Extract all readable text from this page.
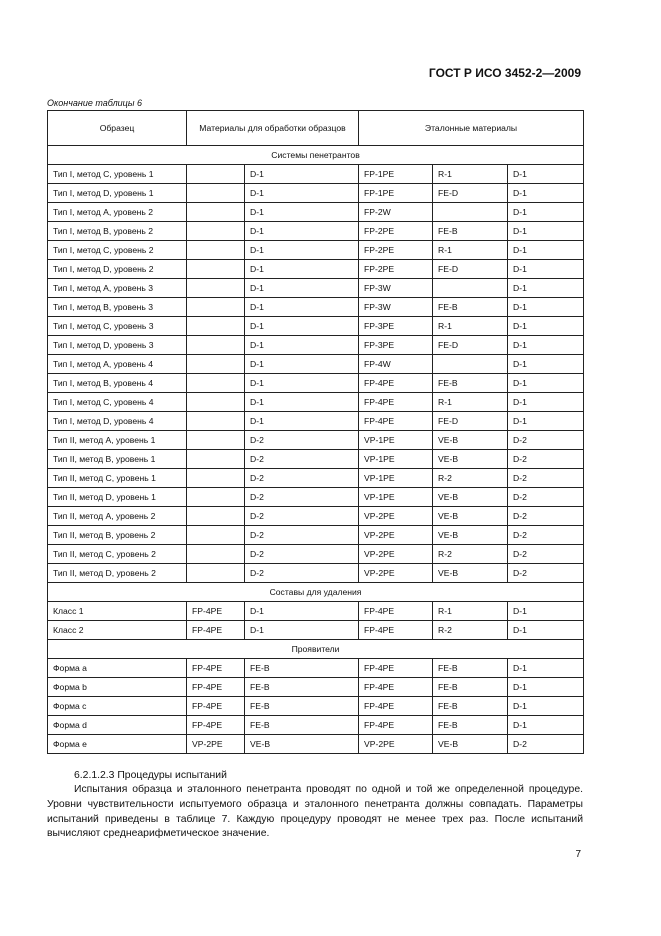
ГОСТ Р ИСО 3452-2—2009
Окончание таблицы 6
Образец	Материалы для обработки образцов		Эталонные материалы		
Системы пенетрантов					
Тип I, метод С, уровень 1		D-1	FP-1PE	R-1	D-1
Тип I, метод D, уровень 1		D-1	FP-1PE	FE-D	D-1
Тип I, метод А, уровень 2		D-1	FP-2W		D-1
Тип I, метод В, уровень 2		D-1	FP-2PE	FE-B	D-1
Тип I, метод С, уровень 2		D-1	FP-2PE	R-1	D-1
Тип I, метод D, уровень 2		D-1	FP-2PE	FE-D	D-1
Тип I, метод А, уровень 3		D-1	FP-3W		D-1
Тип I, метод В, уровень 3		D-1	FP-3W	FE-B	D-1
Тип I, метод С, уровень 3		D-1	FP-3PE	R-1	D-1
Тип I, метод D, уровень 3		D-1	FP-3PE	FE-D	D-1
Тип I, метод А, уровень 4		D-1	FP-4W		D-1
Тип I, метод В, уровень 4		D-1	FP-4PE	FE-B	D-1
Тип I, метод С, уровень 4		D-1	FP-4PE	R-1	D-1
Тип I, метод D, уровень 4		D-1	FP-4PE	FE-D	D-1
Тип II, метод А, уровень 1		D-2	VP-1PE	VE-B	D-2
Тип II, метод В, уровень 1		D-2	VP-1PE	VE-B	D-2
Тип II, метод С, уровень 1		D-2	VP-1PE	R-2	D-2
Тип II, метод D, уровень 1		D-2	VP-1PE	VE-B	D-2
Тип II, метод А, уровень 2		D-2	VP-2PE	VE-B	D-2
Тип II, метод В, уровень 2		D-2	VP-2PE	VE-B	D-2
Тип II, метод С, уровень 2		D-2	VP-2PE	R-2	D-2
Тип II, метод D, уровень 2		D-2	VP-2PE	VE-B	D-2
Составы для удаления					
Класс 1	FP-4PE	D-1	FP-4PE	R-1	D-1
Класс 2	FP-4PE	D-1	FP-4PE	R-2	D-1
Проявители					
Форма а	FP-4PE	FE-B	FP-4PE	FE-B	D-1
Форма b	FP-4PE	FE-B	FP-4PE	FE-B	D-1
Форма с	FP-4PE	FE-B	FP-4PE	FE-B	D-1
Форма d	FP-4PE	FE-B	FP-4PE	FE-B	D-1
Форма е	VP-2PE	VE-B	VP-2PE	VE-B	D-2
6.2.1.2.3 Процедуры испытаний

Испытания образца и эталонного пенетранта проводят по одной и той же определенной процедуре. Уровни чувствительности испытуемого образца и эталонного пенетранта должны совпадать. Параметры испытаний приведены в таблице 7. Каждую процедуру проводят не менее трех раз. После испытаний вычисляют среднеарифметическое значение.

7
